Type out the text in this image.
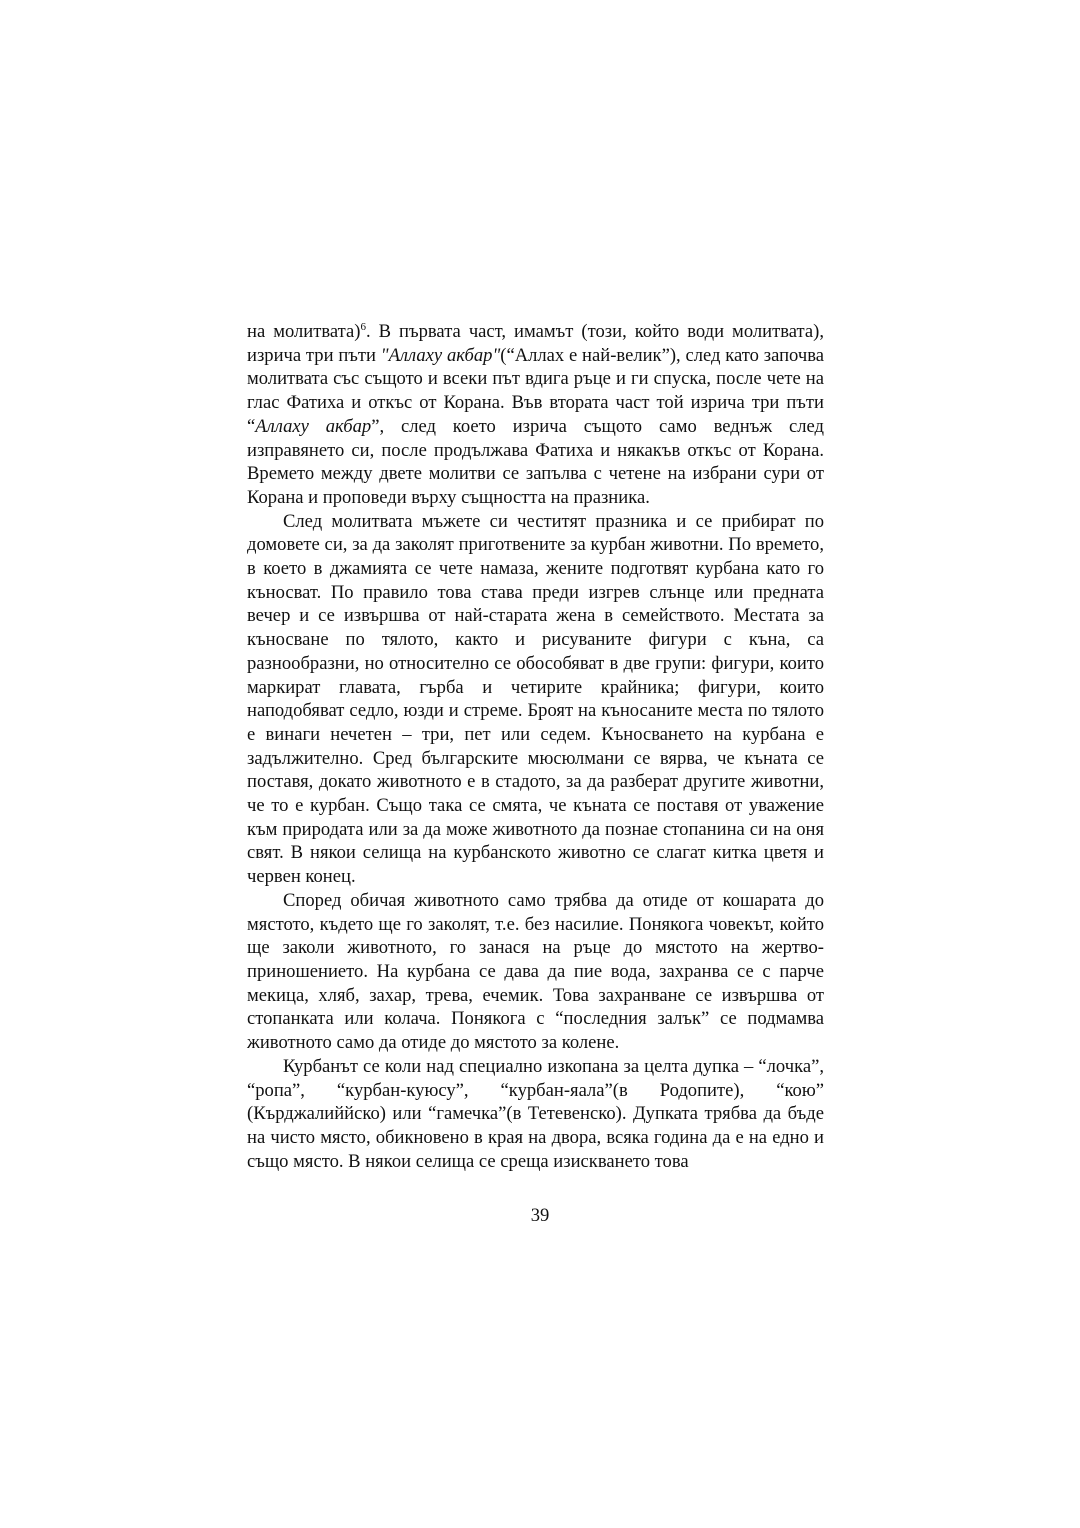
на молитвата)$^6$. В първата част, имамът (този, който води молитвата), изрича три пъти "Аллаху акбар"(“Аллах е най-велик”), след като започва молитвата със същото и всеки път вдига ръце и ги спуска, после чете на глас Фатиха и откъс от Корана. Във втората част той изрича три пъти “Аллаху акбар”, след което изрича същото само веднъж след изправянето си, после продължава Фатиха и някакъв откъс от Корана. Времето между двете молитви се запълва с четене на избрани сури от Корана и проповеди върху същността на празника.

След молитвата мъжете си честитят празника и се прибират по домовете си, за да заколят приготвените за курбан животни. По времето, в което в джамията се чете намаза, жените подготвят курбана като го къносват. По правило това става преди изгрев слънце или предната вечер и се извършва от най-старата жена в семейството. Местата за къносване по тялото, както и рисуваните фигури с къна, са разнообразни, но относително се обособяват в две групи: фигури, които маркират главата, гърба и четирите крайника; фигури, които наподобяват седло, юзди и стреме. Броят на къносаните места по тялото е винаги нечетен – три, пет или седем. Къносването на курбана е задължително. Сред българските мюсюлмани се вярва, че кънaта се поставя, докато животното е в стадото, за да разберат другите животни, че то е курбан. Също така се смята, че кънaта се поставя от уважение към природата или за да може животното да познае стопанина си на оня свят. В някои селища на курбанското животно се слагат китка цветя и червен конец.

Според обичая животното само трябва да отиде от кошарата до мястото, където ще го заколят, т.е. без насилие. Понякога човекът, който ще заколи животното, го занася на ръце до мястото на жертвоприношението. На курбана се дава да пие вода, захранва се с парче мекица, хляб, захар, трева, ечемик. Това захранване се извършва от стопанката или колача. Понякога с “последния залък” се подмамва животното само да отиде до мястото за колене.

Курбанът се коли над специално изкопана за целта дупка – “лочка”, “ропа”, “курбан-куюсу”, “курбан-яала”(в Родопите), “кою” (Кърджалиййско) или “гамечка”(в Тетевенско). Дупката трябва да бъде на чисто място, обикновено в края на двора, всяка година да е на едно и също място. В някои селища се среща изискването това

39
